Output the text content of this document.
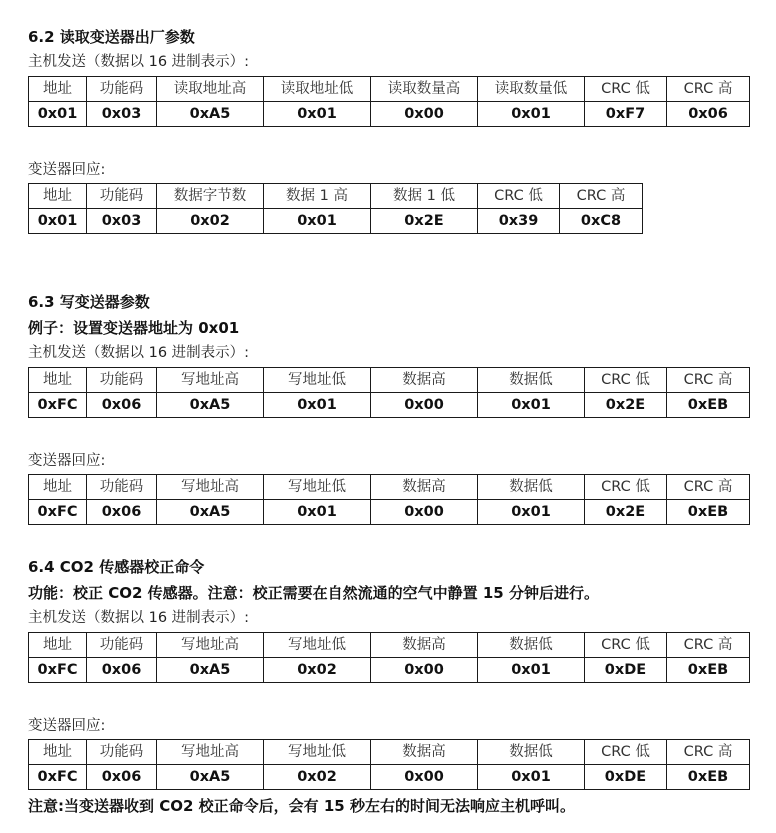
6.2 读取变送器出厂参数
主机发送（数据以 16 进制表示）:
地址	功能码	读取地址高	读取地址低	读取数量高	读取数量低	CRC 低	CRC 高
0x01	0x03	0xA5	0x01	0x00	0x01	0xF7	0x06
变送器回应:
地址	功能码	数据字节数	数据 1 高	数据 1 低	CRC 低	CRC 高
0x01	0x03	0x02	0x01	0x2E	0x39	0xC8
6.3 写变送器参数
例子：设置变送器地址为 0x01
主机发送（数据以 16 进制表示）:
地址	功能码	写地址高	写地址低	数据高	数据低	CRC 低	CRC 高
0xFC	0x06	0xA5	0x01	0x00	0x01	0x2E	0xEB
变送器回应:
地址	功能码	写地址高	写地址低	数据高	数据低	CRC 低	CRC 高
0xFC	0x06	0xA5	0x01	0x00	0x01	0x2E	0xEB
6.4 CO2 传感器校正命令
功能：校正 CO2 传感器。注意：校正需要在自然流通的空气中静置 15 分钟后进行。
主机发送（数据以 16 进制表示）:
地址	功能码	写地址高	写地址低	数据高	数据低	CRC 低	CRC 高
0xFC	0x06	0xA5	0x02	0x00	0x01	0xDE	0xEB
变送器回应:
地址	功能码	写地址高	写地址低	数据高	数据低	CRC 低	CRC 高
0xFC	0x06	0xA5	0x02	0x00	0x01	0xDE	0xEB
注意:当变送器收到 CO2 校正命令后，会有 15 秒左右的时间无法响应主机呼叫。
